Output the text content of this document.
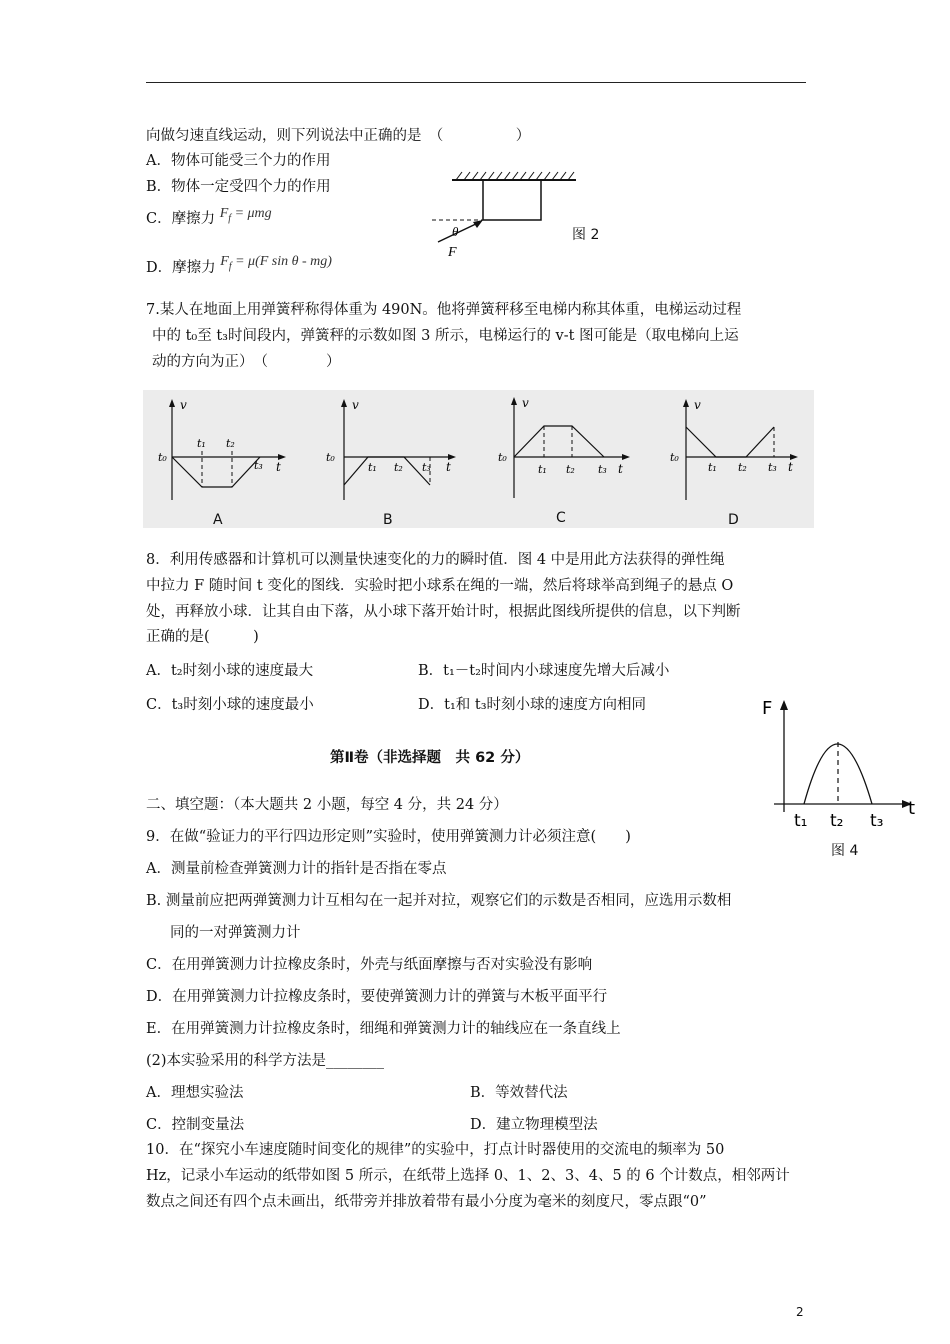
向做匀速直线运动，则下列说法中正确的是　（　　　　　）
A．物体可能受三个力的作用
B．物体一定受四个力的作用
C．摩擦力 $F_f = \mu mg$
D．摩擦力 $F_f = \mu(F$ sin θ - mg)
θ
F
图 2
7.某人在地面上用弹簧秤称得体重为 490N。他将弹簧秤移至电梯内称其体重，电梯运动过程
中的 t₀至 t₃时间段内，弹簧秤的示数如图 3 所示，电梯运行的 v-t 图可能是（取电梯向上运
动的方向为正）　（　　　　）
v
t₀
t₁ t₂
t₃ t
A
v
t₀
t₁ t₂ t₃ t
B
v
t₀
t₁ t₂ t₃ t
C
v
t₀
t₁ t₂ t₃ t
D
8．利用传感器和计算机可以测量快速变化的力的瞬时值．图 4 中是用此方法获得的弹性绳
中拉力 F 随时间 t 变化的图线．实验时把小球系在绳的一端，然后将球举高到绳子的悬点 O
处，再释放小球．让其自由下落，从小球下落开始计时，根据此图线所提供的信息，以下判断
正确的是(　　　)
A．t₂时刻小球的速度最大	B．t₁－t₂时间内小球速度先增大后减小
C．t₃时刻小球的速度最小	D．t₁和 t₃时刻小球的速度方向相同	F
t
t₁ t₂ t₃
图 4
第Ⅱ卷（非选择题　共 62 分）
二、填空题：（本大题共 2 小题，每空 4 分，共 24 分）
9．在做“验证力的平行四边形定则”实验时，使用弹簧测力计必须注意(　　)
A．测量前检查弹簧测力计的指针是否指在零点
B. 测量前应把两弹簧测力计互相勾在一起并对拉，观察它们的示数是否相同，应选用示数相
同的一对弹簧测力计
C．在用弹簧测力计拉橡皮条时，外壳与纸面摩擦与否对实验没有影响
D．在用弹簧测力计拉橡皮条时，要使弹簧测力计的弹簧与木板平面平行
E．在用弹簧测力计拉橡皮条时，细绳和弹簧测力计的轴线应在一条直线上
(2)本实验采用的科学方法是________
A．理想实验法	B．等效替代法
C．控制变量法	D．建立物理模型法
10．在“探究小车速度随时间变化的规律”的实验中，打点计时器使用的交流电的频率为 50
Hz，记录小车运动的纸带如图 5 所示，在纸带上选择 0、1、2、3、4、5 的 6 个计数点，相邻两计
数点之间还有四个点未画出，纸带旁并排放着带有最小分度为毫米的刻度尺，零点跟“0”
2
